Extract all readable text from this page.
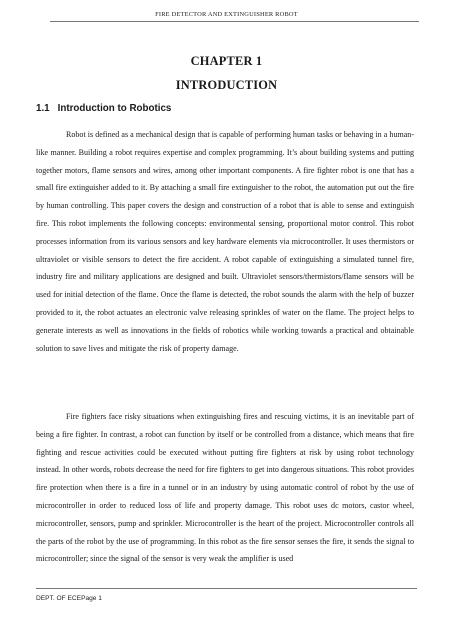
FIRE DETECTOR AND EXTINGUISHER ROBOT
CHAPTER 1
INTRODUCTION
1.1 Introduction to Robotics

Robot is defined as a mechanical design that is capable of performing human tasks or behaving in a human-like manner. Building a robot requires expertise and complex programming. It’s about building systems and putting together motors, flame sensors and wires, among other important components. A fire fighter robot is one that has a small fire extinguisher added to it. By attaching a small fire extinguisher to the robot, the automation put out the fire by human controlling. This paper covers the design and construction of a robot that is able to sense and extinguish fire. This robot implements the following concepts: environmental sensing, proportional motor control. This robot processes information from its various sensors and key hardware elements via microcontroller. It uses thermistors or ultraviolet or visible sensors to detect the fire accident. A robot capable of extinguishing a simulated tunnel fire, industry fire and military applications are designed and built. Ultraviolet sensors/thermistors/flame sensors will be used for initial detection of the flame. Once the flame is detected, the robot sounds the alarm with the help of buzzer provided to it, the robot actuates an electronic valve releasing sprinkles of water on the flame. The project helps to generate interests as well as innovations in the fields of robotics while working towards a practical and obtainable solution to save lives and mitigate the risk of property damage.

Fire fighters face risky situations when extinguishing fires and rescuing victims, it is an inevitable part of being a fire fighter. In contrast, a robot can function by itself or be controlled from a distance, which means that fire fighting and rescue activities could be executed without putting fire fighters at risk by using robot technology instead. In other words, robots decrease the need for fire fighters to get into dangerous situations. This robot provides fire protection when there is a fire in a tunnel or in an industry by using automatic control of robot by the use of microcontroller in order to reduced loss of life and property damage. This robot uses dc motors, castor wheel, microcontroller, sensors, pump and sprinkler. Microcontroller is the heart of the project. Microcontroller controls all the parts of the robot by the use of programming. In this robot as the fire sensor senses the fire, it sends the signal to microcontroller; since the signal of the sensor is very weak the amplifier is used

DEPT. OF ECEPage 1
